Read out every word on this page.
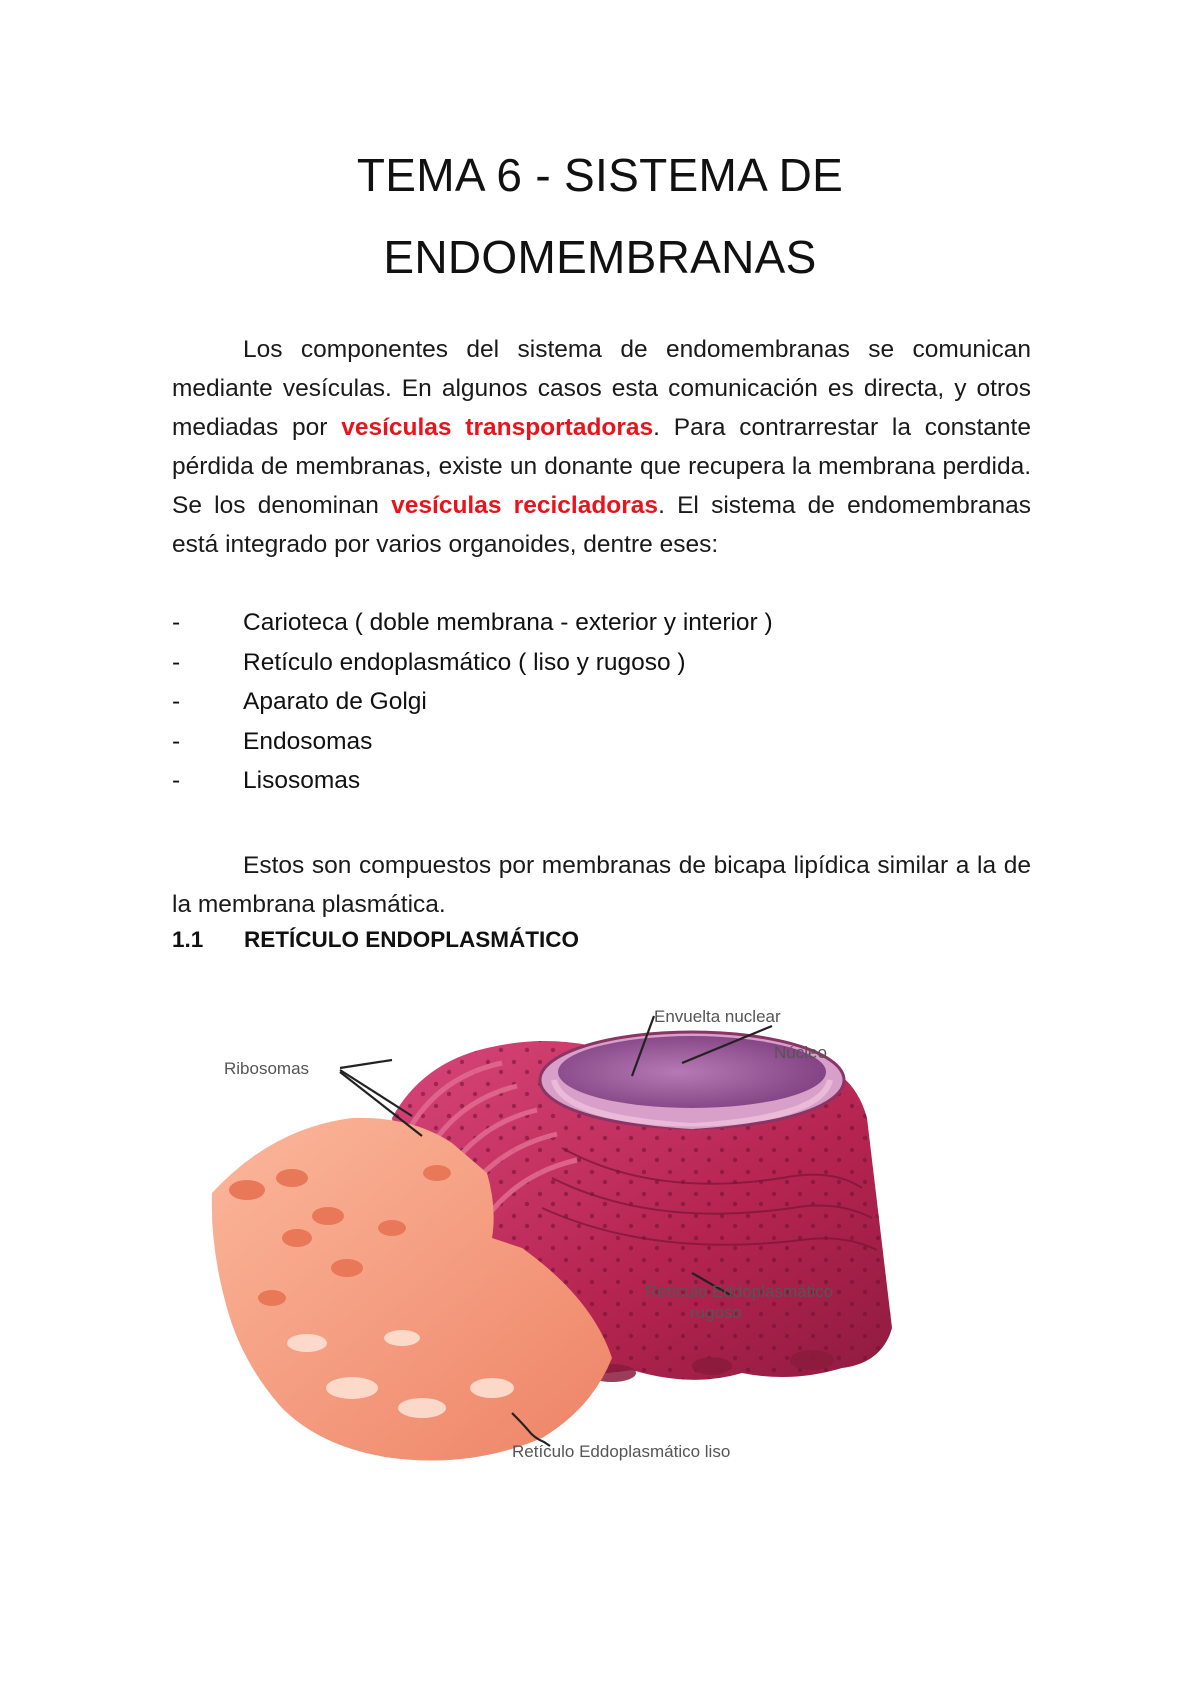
TEMA 6 - SISTEMA DE
ENDOMEMBRANAS

Los componentes del sistema de endomembranas se comunican mediante vesículas. En algunos casos esta comunicación es directa, y otros mediadas por vesículas transportadoras. Para contrarrestar la constante pérdida de membranas, existe un donante que recupera la membrana perdida. Se los denominan vesículas recicladoras. El sistema de endomembranas está integrado por varios organoides, dentre eses:

-	Carioteca ( doble membrana - exterior y interior )
-	Retículo endoplasmático ( liso y rugoso )
-	Aparato de Golgi
-	Endosomas
-	Lisosomas

Estos son compuestos por membranas de bicapa lipídica similar a la de la membrana plasmática.

1.1 RETÍCULO ENDOPLASMÁTICO
Envuelta nuclear
Núcleo
Ribosomas
Retículo Eddoplasmático
rugoso
Retículo Eddoplasmático liso
